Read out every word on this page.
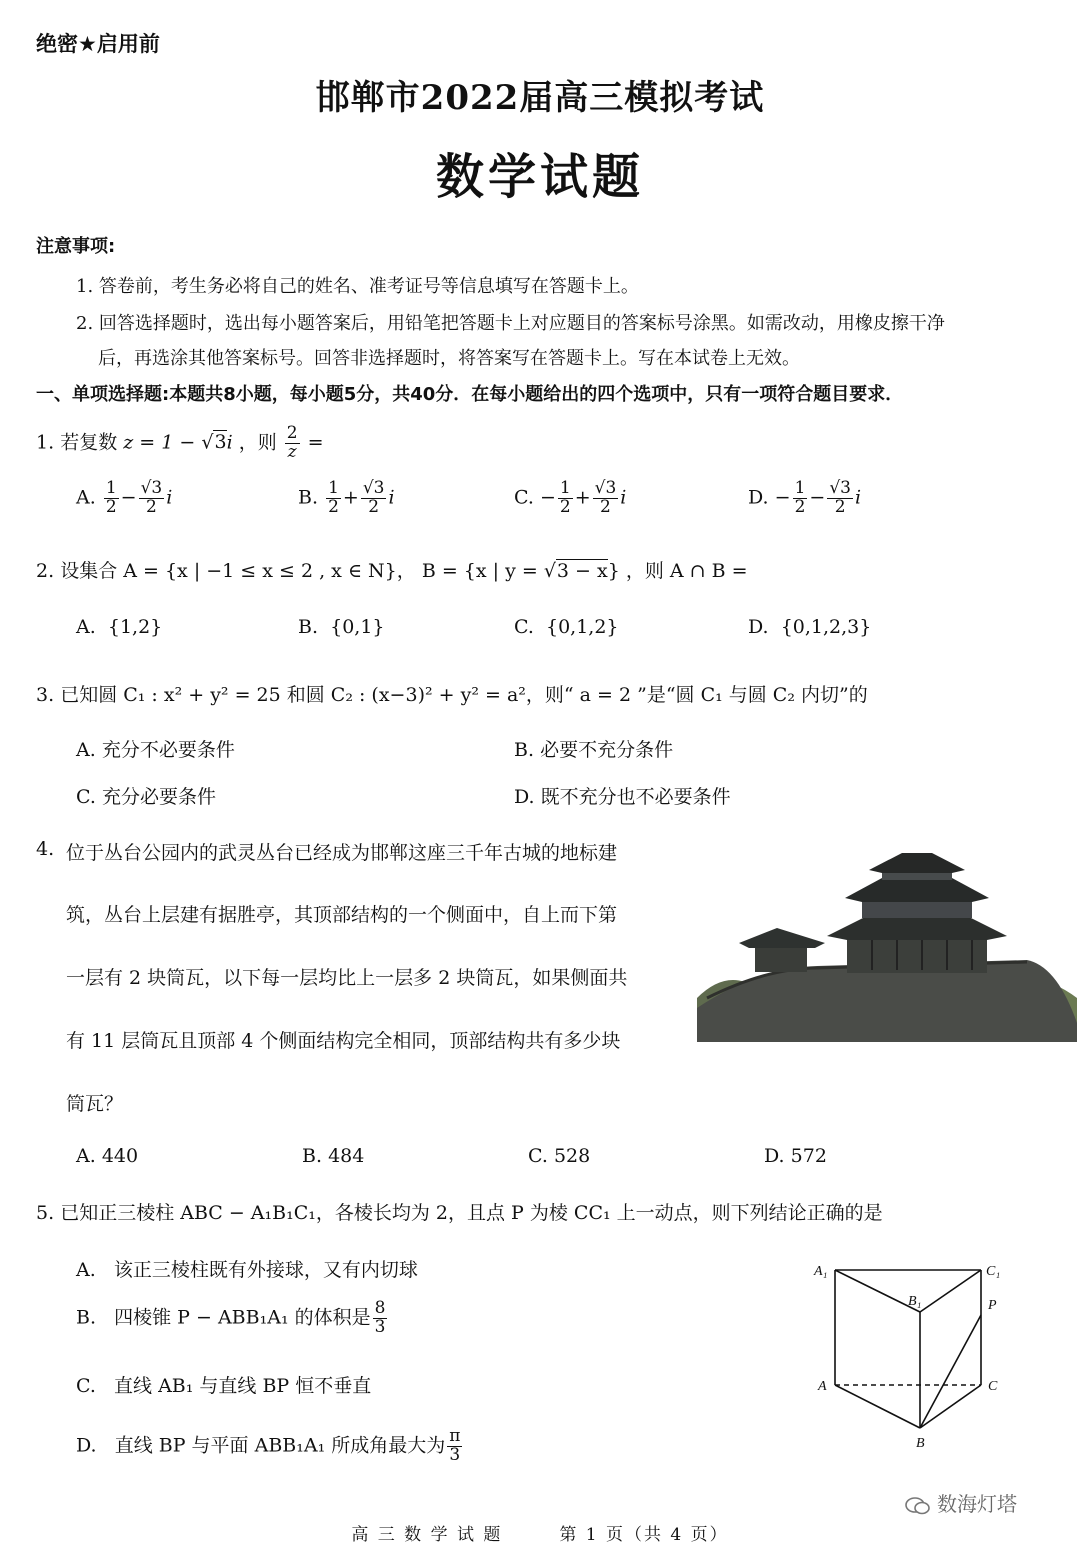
绝密★启用前
邯郸市2022届高三模拟考试
数学试题
注意事项:
1. 答卷前，考生务必将自己的姓名、准考证号等信息填写在答题卡上。
2. 回答选择题时，选出每小题答案后，用铅笔把答题卡上对应题目的答案标号涂黑。如需改动，用橡皮擦干净
后，再选涂其他答案标号。回答非选择题时，将答案写在答题卡上。写在本试卷上无效。
一、单项选择题:本题共8小题，每小题5分，共40分．在每小题给出的四个选项中，只有一项符合题目要求．
1. 若复数 z = 1 − √3i ，则 $\frac{2}{z}$ =
A. $\frac{1}{2} - \frac{√3}{2}$ i	B. $\frac{1}{2} + \frac{√3}{2}$ i	C. − $\frac{1}{2} + \frac{√3}{2}$ i	D. − $\frac{1}{2} - \frac{√3}{2}$ i
2. 设集合 A = {x | −1 ≤ x ≤ 2 , x ∈ N}， B = {x | y = √3 − x} ，则 A ∩ B =
A. {1,2}	B. {0,1}	C. {0,1,2}	D. {0,1,2,3}
3. 已知圆 C₁ : x² + y² = 25 和圆 C₂ : (x−3)² + y² = a²，则“ a = 2 ”是“圆 C₁ 与圆 C₂ 内切”的
A. 充分不必要条件	B. 必要不充分条件
C. 充分必要条件	D. 既不充分也不必要条件
4. 位于丛台公园内的武灵丛台已经成为邯郸这座三千年古城的地标建
筑，丛台上层建有据胜亭，其顶部结构的一个侧面中，自上而下第
一层有 2 块筒瓦，以下每一层均比上一层多 2 块筒瓦，如果侧面共
有 11 层筒瓦且顶部 4 个侧面结构完全相同，顶部结构共有多少块
筒瓦？
A. 440	B. 484	C. 528	D. 572
5. 已知正三棱柱 ABC − A₁B₁C₁，各棱长均为 2，且点 P 为棱 CC₁ 上一动点，则下列结论正确的是
A. 该正三棱柱既有外接球，又有内切球
B. 四棱锥 P − ABB₁A₁ 的体积是 $\frac{8}{3}$
C. 直线 AB₁ 与直线 BP 恒不垂直
D. 直线 BP 与平面 ABB₁A₁ 所成角最大为 $\frac{\pi}{3}$
A₁	C₁
B₁	P
A	C
B
数海灯塔
高 三 数 学 试 题　　　第 1 页（共 4 页）
